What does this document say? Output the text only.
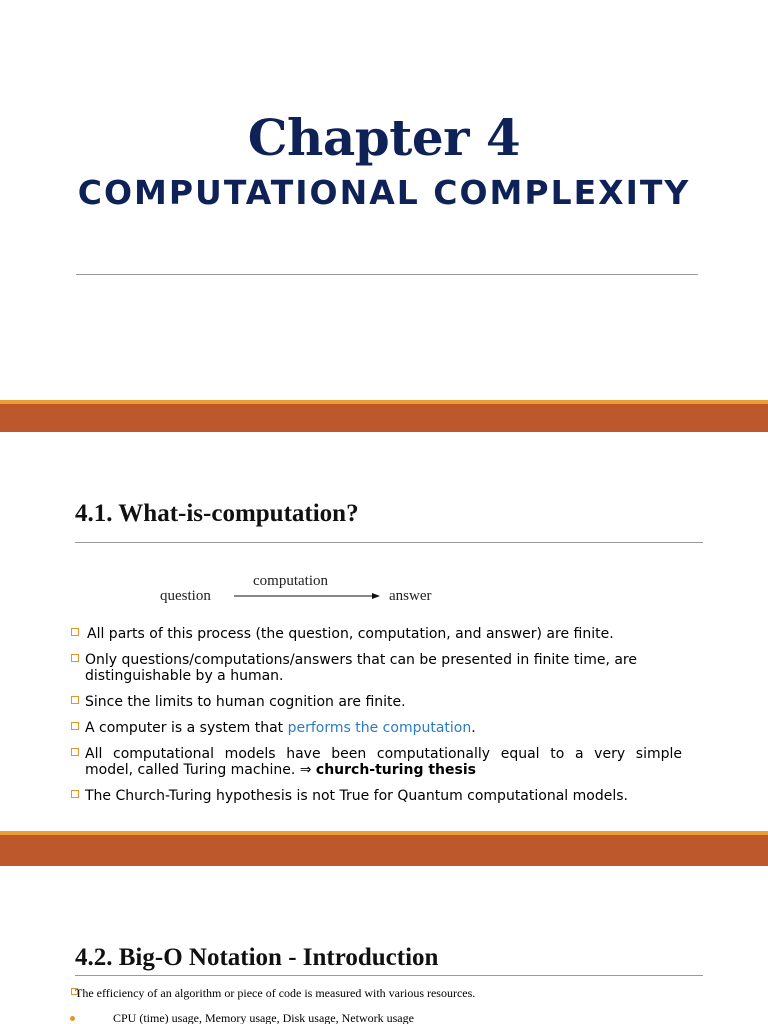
Chapter 4
COMPUTATIONAL COMPLEXITY
4.1. What-is-computation?
question
computation
answer
All parts of this process (the question, computation, and answer) are finite.
Only questions/computations/answers that can be presented in finite time, are distinguishable by a human.
Since the limits to human cognition are finite.
A computer is a system that performs the computation.
All computational models have been computationally equal to a very simple
model, called Turing machine. ⇒ church-turing thesis
The Church-Turing hypothesis is not True for Quantum computational models.
4.2. Big-O Notation - Introduction
The efficiency of an algorithm or piece of code is measured with various resources.
CPU (time) usage, Memory usage, Disk usage, Network usage
